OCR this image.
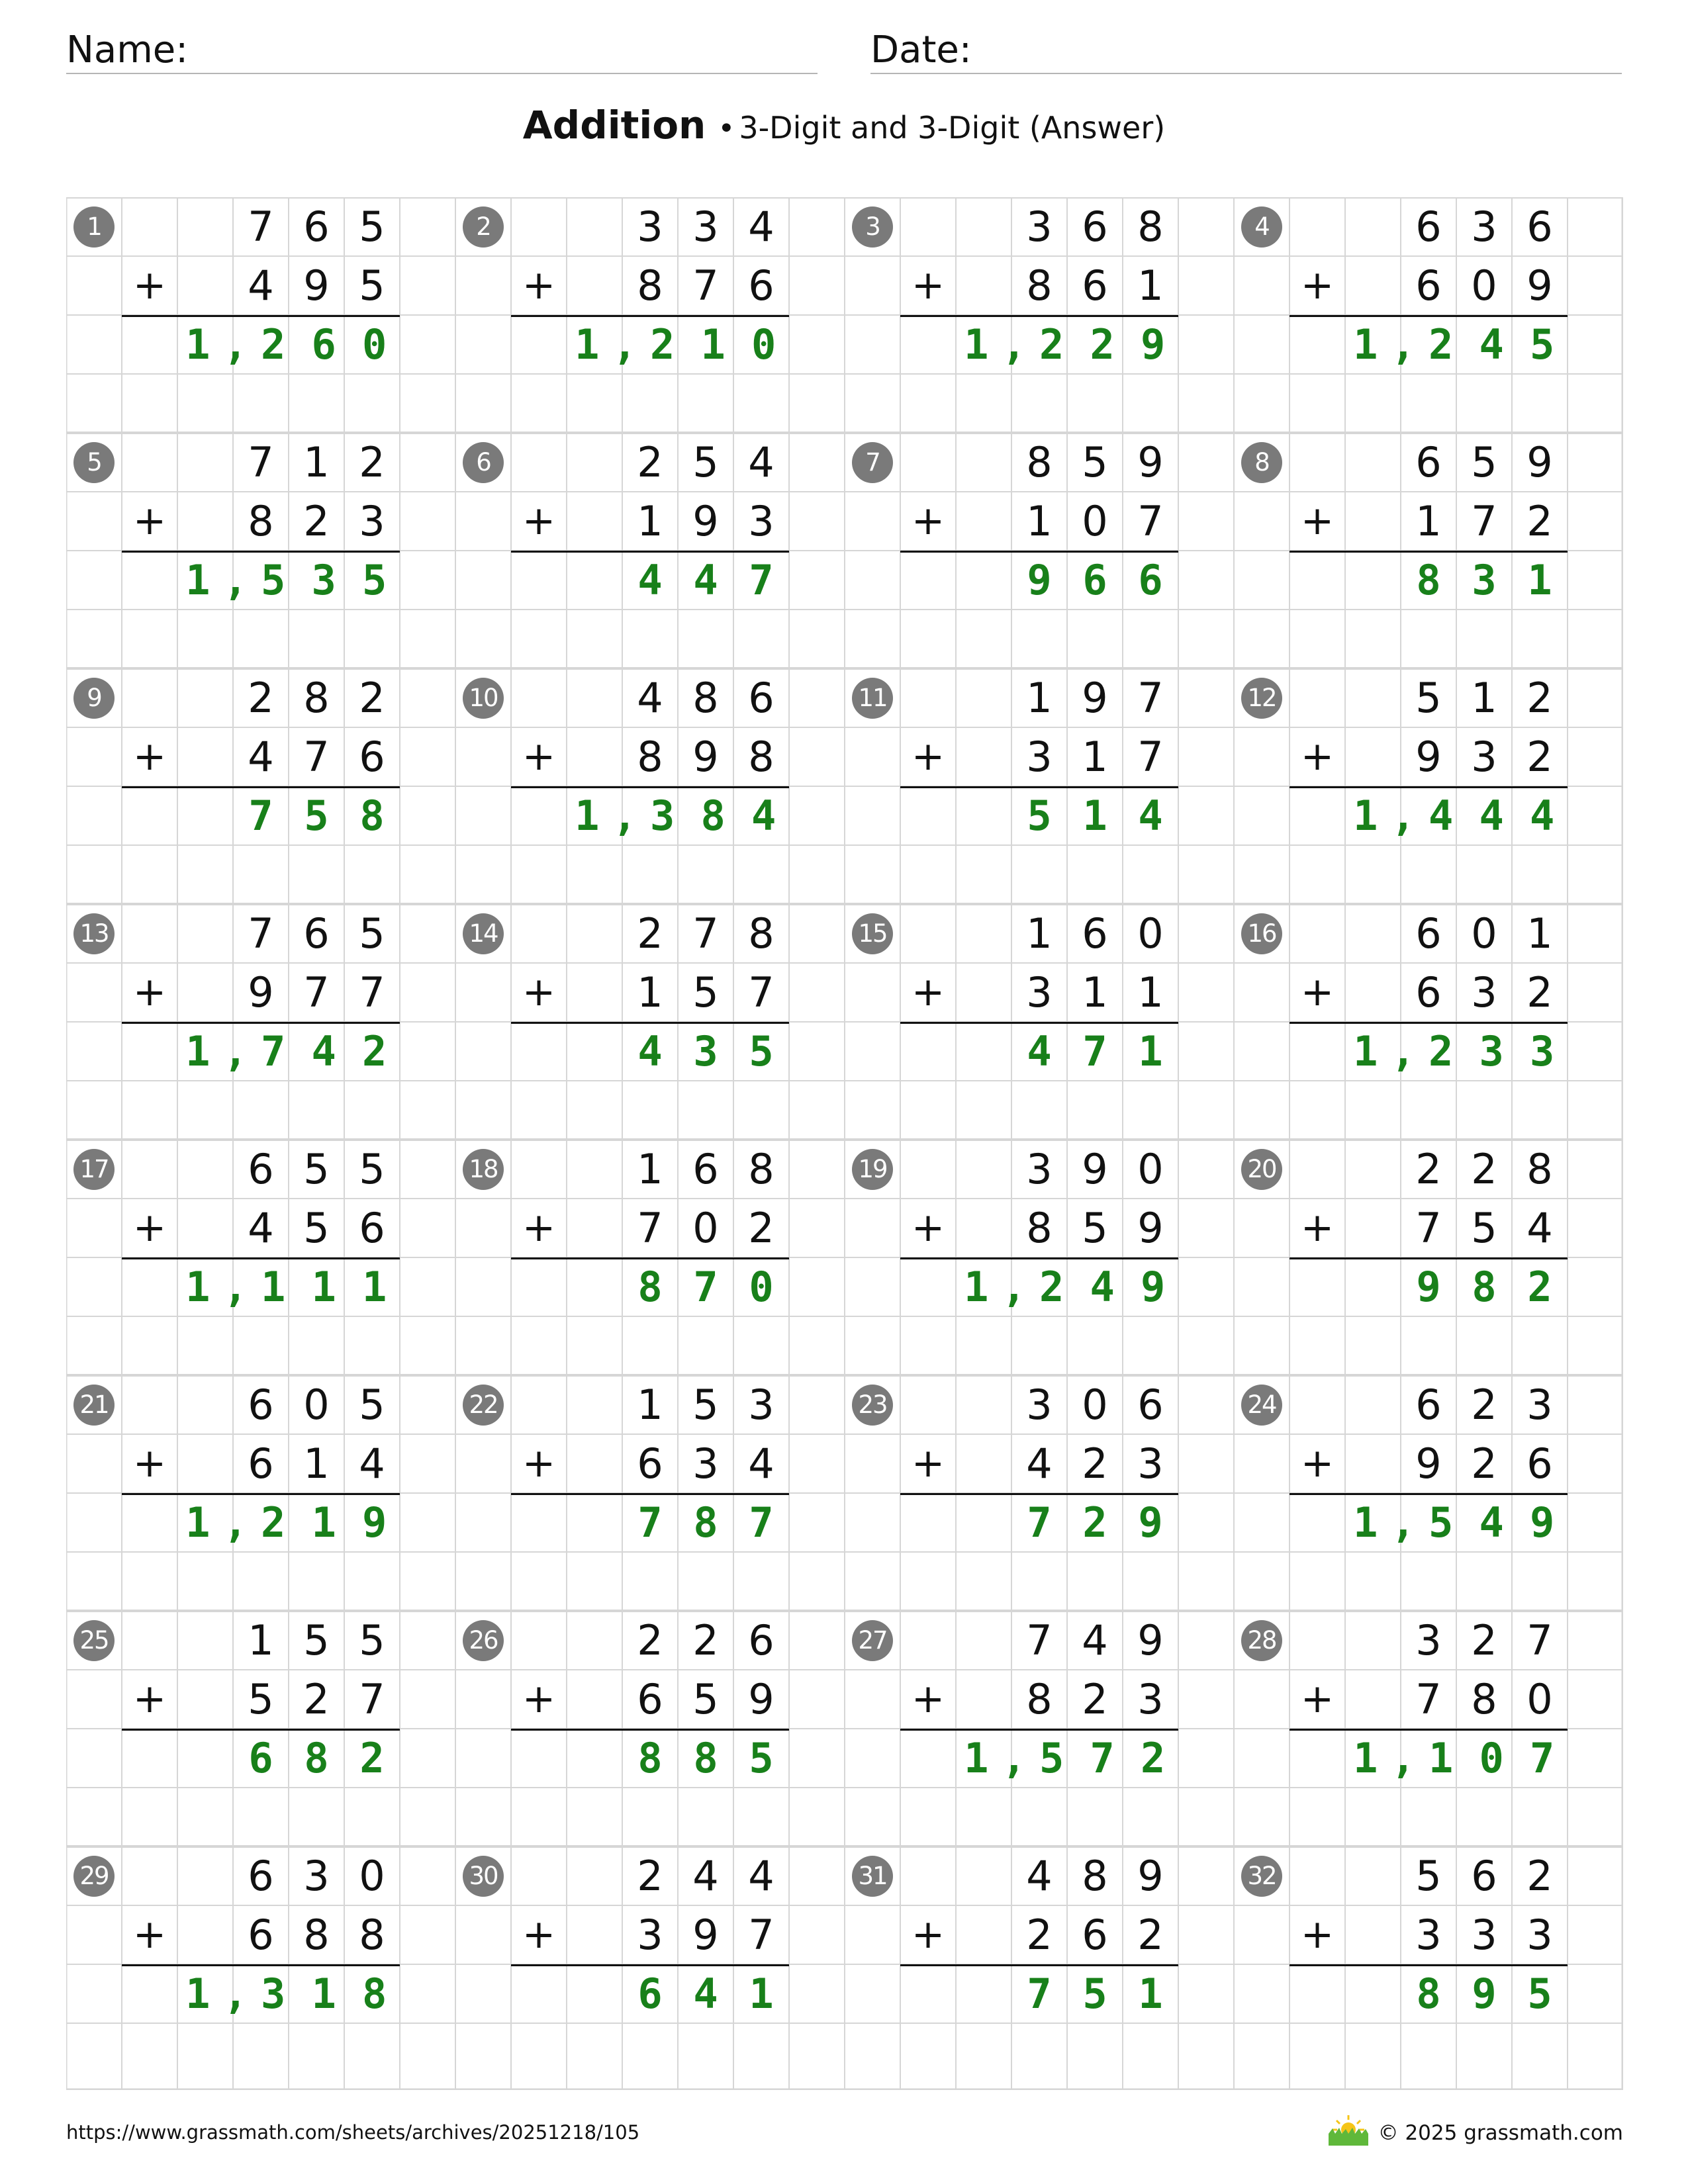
Name:	Date:
Addition • 3-Digit and 3-Digit (Answer)
1	7 6 5
4 9 5
+
1 , 2 6 0
2	3 3 4
8 7 6
+
1 , 2 1 0
3	3 6 8
8 6 1
+
1 , 2 2 9
4	6 3 6
6 0 9
+
1 , 2 4 5
5	7 1 2
8 2 3
+
1 , 5 3 5
6	2 5 4
1 9 3
+
4 4 7
7	8 5 9
1 0 7
+
9 6 6
8	6 5 9
1 7 2
+
8 3 1
9	2 8 2
4 7 6
+
7 5 8
10	4 8 6
8 9 8
+
1 , 3 8 4
11	1 9 7
3 1 7
+
5 1 4
12	5 1 2
9 3 2
+
1 , 4 4 4
13	7 6 5
9 7 7
+
1 , 7 4 2
14	2 7 8
1 5 7
+
4 3 5
15	1 6 0
3 1 1
+
4 7 1
16	6 0 1
6 3 2
+
1 , 2 3 3
17	6 5 5
4 5 6
+
1 , 1 1 1
18	1 6 8
7 0 2
+
8 7 0
19	3 9 0
8 5 9
+
1 , 2 4 9
20	2 2 8
7 5 4
+
9 8 2
21	6 0 5
6 1 4
+
1 , 2 1 9
22	1 5 3
6 3 4
+
7 8 7
23	3 0 6
4 2 3
+
7 2 9
24	6 2 3
9 2 6
+
1 , 5 4 9
25	1 5 5
5 2 7
+
6 8 2
26	2 2 6
6 5 9
+
8 8 5
27	7 4 9
8 2 3
+
1 , 5 7 2
28	3 2 7
7 8 0
+
1 , 1 0 7
29	6 3 0
6 8 8
+
1 , 3 1 8
30	2 4 4
3 9 7
+
6 4 1
31	4 8 9
2 6 2
+
7 5 1
32	5 6 2
3 3 3
+
8 9 5
https://www.grassmath.com/sheets/archives/20251218/105	© 2025 grassmath.com
